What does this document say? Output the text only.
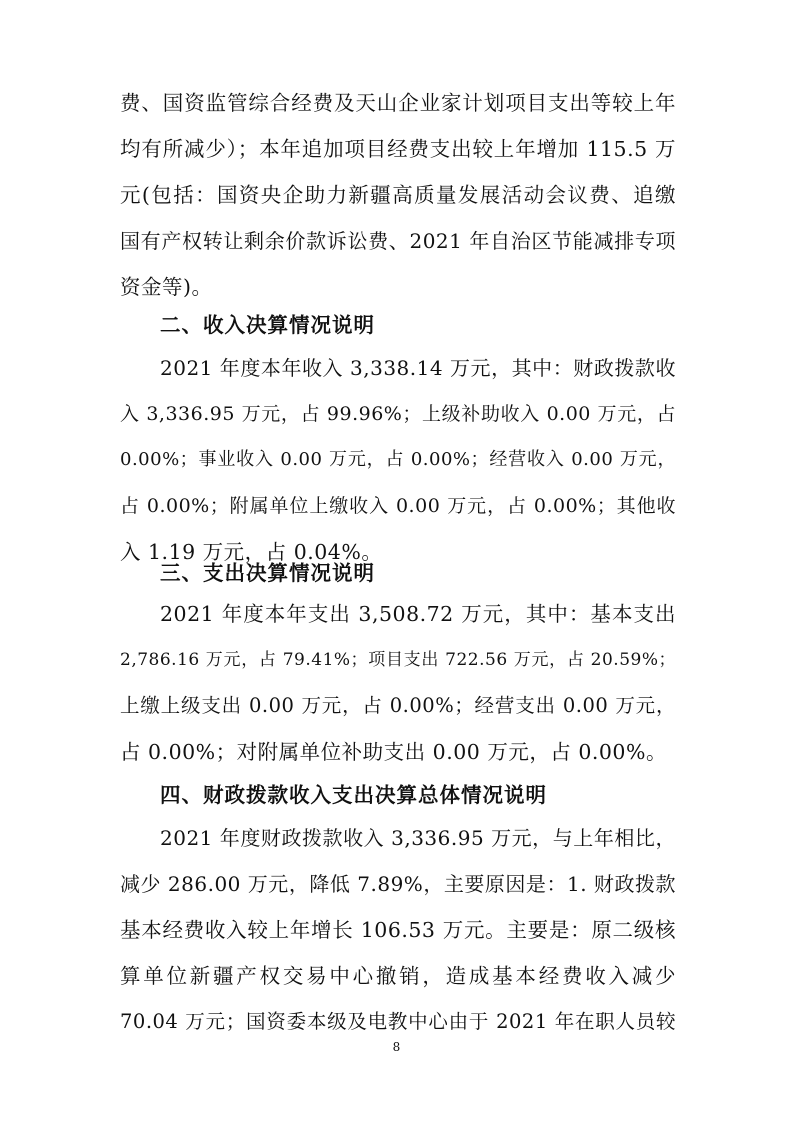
费、国资监管综合经费及天山企业家计划项目支出等较上年
均有所减少）；本年追加项目经费支出较上年增加 115.5 万
元(包括：国资央企助力新疆高质量发展活动会议费、追缴
国有产权转让剩余价款诉讼费、2021 年自治区节能减排专项
资金等)。
二、收入决算情况说明
2021 年度本年收入 3,338.14 万元，其中：财政拨款收
入 3,336.95 万元，占 99.96%；上级补助收入 0.00 万元，占
0.00%；事业收入 0.00 万元，占 0.00%；经营收入 0.00 万元，
占 0.00%；附属单位上缴收入 0.00 万元，占 0.00%；其他收
入 1.19 万元，占 0.04%。
三、支出决算情况说明
2021 年度本年支出 3,508.72 万元，其中：基本支出
2,786.16 万元，占 79.41%；项目支出 722.56 万元，占 20.59%；
上缴上级支出 0.00 万元，占 0.00%；经营支出 0.00 万元，
占 0.00%；对附属单位补助支出 0.00 万元，占 0.00%。
四、财政拨款收入支出决算总体情况说明
2021 年度财政拨款收入 3,336.95 万元，与上年相比，
减少 286.00 万元，降低 7.89%，主要原因是：1. 财政拨款
基本经费收入较上年增长 106.53 万元。主要是：原二级核
算单位新疆产权交易中心撤销，造成基本经费收入减少
70.04 万元；国资委本级及电教中心由于 2021 年在职人员较
8
